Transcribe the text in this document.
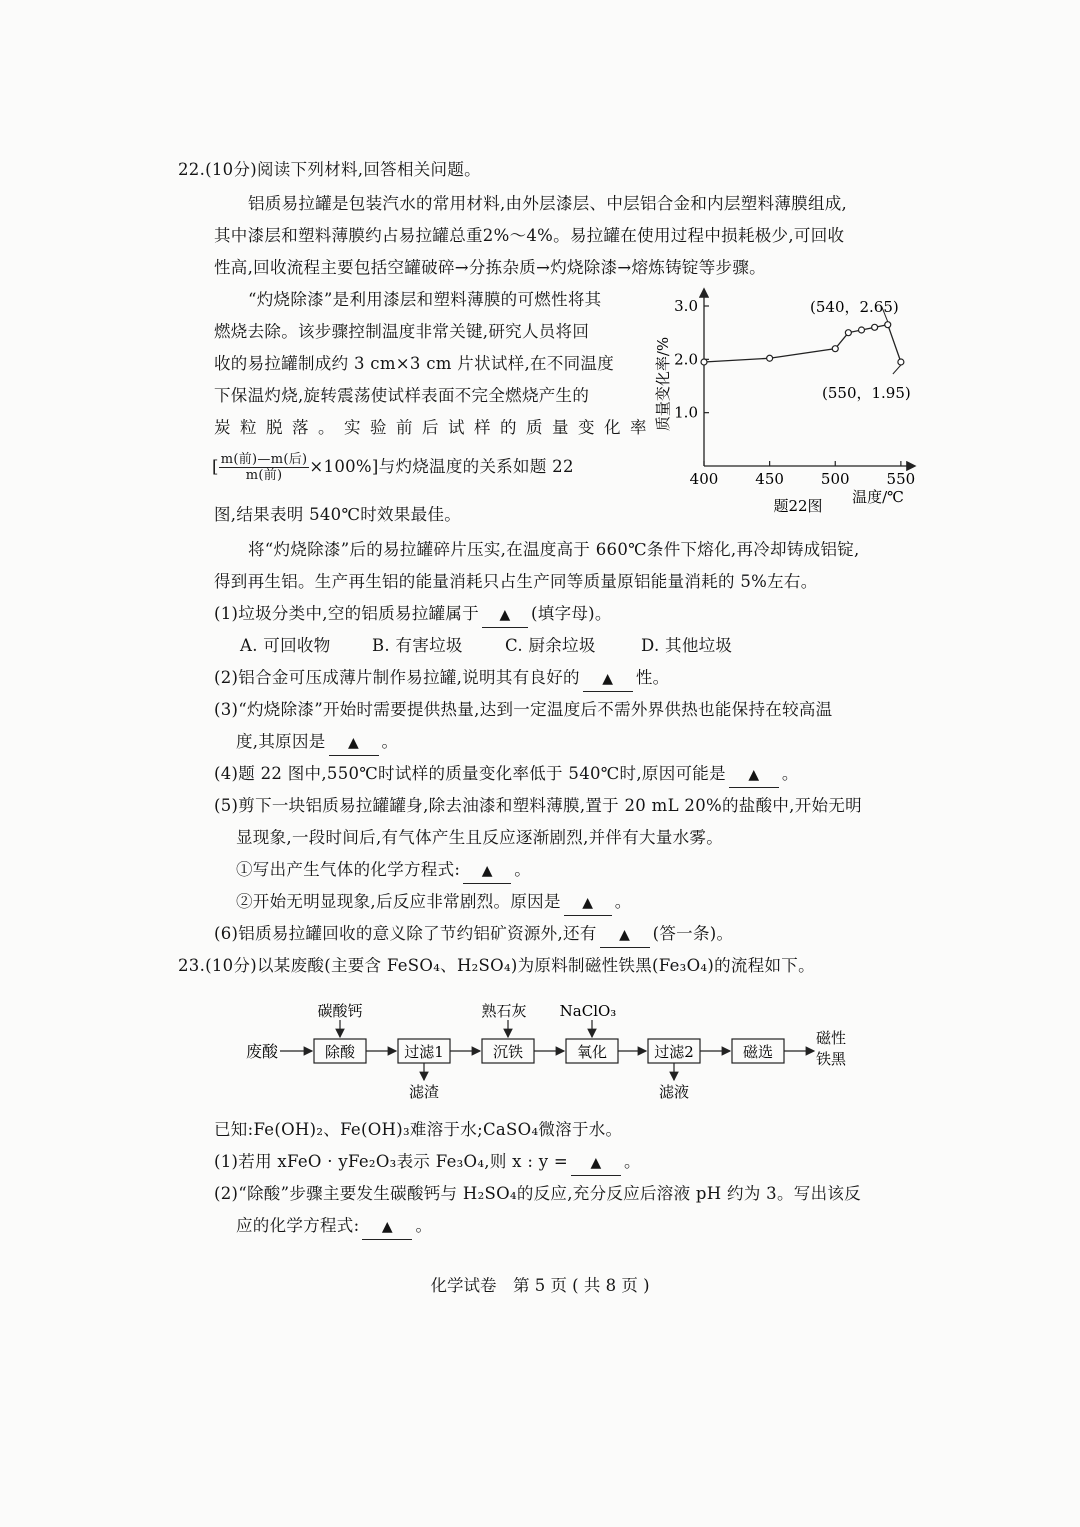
22.(10分)阅读下列材料,回答相关问题。
铝质易拉罐是包装汽水的常用材料,由外层漆层、中层铝合金和内层塑料薄膜组成,
其中漆层和塑料薄膜约占易拉罐总重2%～4%。易拉罐在使用过程中损耗极少,可回收
性高,回收流程主要包括空罐破碎→分拣杂质→灼烧除漆→熔炼铸锭等步骤。
“灼烧除漆”是利用漆层和塑料薄膜的可燃性将其
燃烧去除。该步骤控制温度非常关键,研究人员将回
收的易拉罐制成约 3 cm×3 cm 片状试样,在不同温度
下保温灼烧,旋转震荡使试样表面不完全燃烧产生的
炭粒脱落。实验前后试样的质量变化率
[ $\frac{\text{m(前)—m(后)}}{\text{m(前)}} \times 100\%$]与灼烧温度的关系如题 22
图,结果表明 540℃时效果最佳。
质量变化率/%
温度/℃
题22图
400 450 500 550
1.0
2.0
3.0	(540，2.65)
(550，1.95)
将“灼烧除漆”后的易拉罐碎片压实,在温度高于 660℃条件下熔化,再冷却铸成铝锭,
得到再生铝。生产再生铝的能量消耗只占生产同等质量原铝能量消耗的 5%左右。
(1)垃圾分类中,空的铝质易拉罐属于 ▲ (填字母)。
A. 可回收物	B. 有害垃圾	C. 厨余垃圾	D. 其他垃圾
(2)铝合金可压成薄片制作易拉罐,说明其有良好的 ▲ 性。
(3)“灼烧除漆”开始时需要提供热量,达到一定温度后不需外界供热也能保持在较高温
度,其原因是 ▲ 。
(4)题 22 图中,550℃时试样的质量变化率低于 540℃时,原因可能是 ▲ 。
(5)剪下一块铝质易拉罐罐身,除去油漆和塑料薄膜,置于 20 mL 20%的盐酸中,开始无明
显现象,一段时间后,有气体产生且反应逐渐剧烈,并伴有大量水雾。
①写出产生气体的化学方程式: ▲ 。
②开始无明显现象,后反应非常剧烈。原因是 ▲ 。
(6)铝质易拉罐回收的意义除了节约铝矿资源外,还有 ▲ (答一条)。
23.(10分)以某废酸(主要含 FeSO₄、H₂SO₄)为原料制磁性铁黑(Fe₃O₄)的流程如下。
废酸	除酸
碳酸钙
过滤1
滤渣
沉铁
熟石灰
氧化
NaClO₃
过滤2
滤液
磁选
磁性
铁黑
已知:Fe(OH)₂、Fe(OH)₃难溶于水;CaSO₄微溶于水。
(1)若用 xFeO · yFe₂O₃表示 Fe₃O₄,则 x : y = ▲ 。
(2)“除酸”步骤主要发生碳酸钙与 H₂SO₄的反应,充分反应后溶液 pH 约为 3。写出该反
应的化学方程式: ▲ 。
化学试卷　第 5 页 ( 共 8 页 )
